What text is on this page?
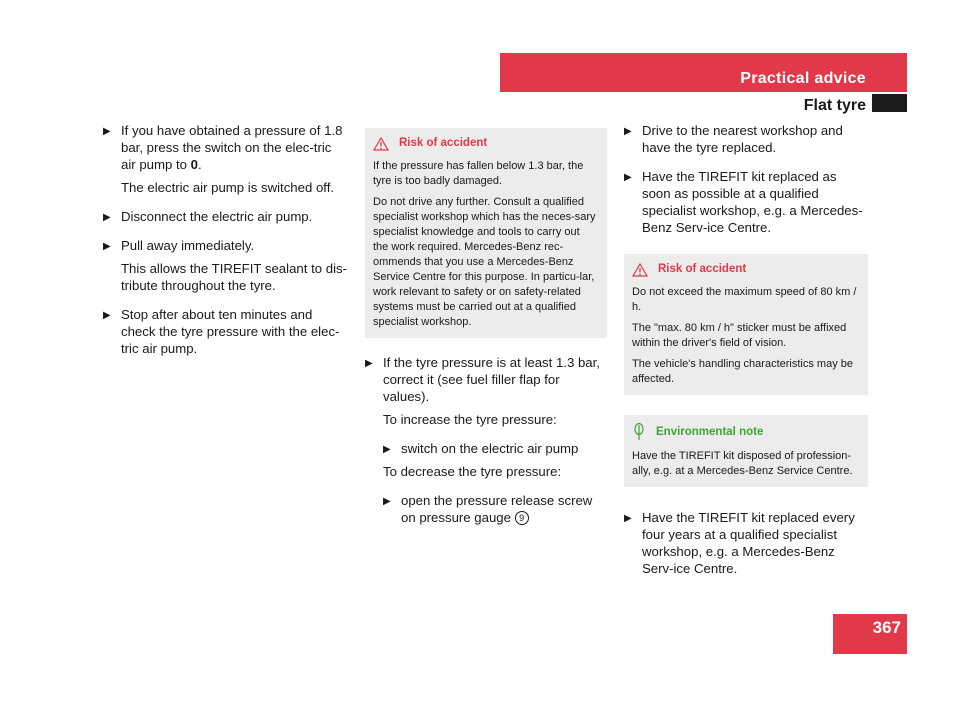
Practical advice
Flat tyre
▶ If you have obtained a pressure of 1.8 bar, press the switch on the elec-tric air pump to 0.
The electric air pump is switched off.
▶ Disconnect the electric air pump.
▶ Pull away immediately.
This allows the TIREFIT sealant to dis-tribute throughout the tyre.
▶ Stop after about ten minutes and check the tyre pressure with the elec-tric air pump.
Risk of accident

If the pressure has fallen below 1.3 bar, the tyre is too badly damaged.

Do not drive any further. Consult a qualified specialist workshop which has the neces-sary specialist knowledge and tools to carry out the work required. Mercedes-Benz rec-ommends that you use a Mercedes-Benz Service Centre for this purpose. In particu-lar, work relevant to safety or on safety-related systems must be carried out at a qualified specialist workshop.

▶ If the tyre pressure is at least 1.3 bar, correct it (see fuel filler flap for values).
To increase the tyre pressure:
▶ switch on the electric air pump
To decrease the tyre pressure:
▶ open the pressure release screw on pressure gauge 9
▶ Drive to the nearest workshop and have the tyre replaced.
▶ Have the TIREFIT kit replaced as soon as possible at a qualified specialist workshop, e.g. a Mercedes-Benz Serv-ice Centre.
Risk of accident

Do not exceed the maximum speed of 80 km / h.

The "max. 80 km / h" sticker must be affixed within the driver's field of vision.

The vehicle's handling characteristics may be affected.

Environmental note

Have the TIREFIT kit disposed of profession-ally, e.g. at a Mercedes-Benz Service Centre.

▶ Have the TIREFIT kit replaced every four years at a qualified specialist workshop, e.g. a Mercedes-Benz Serv-ice Centre.
367
